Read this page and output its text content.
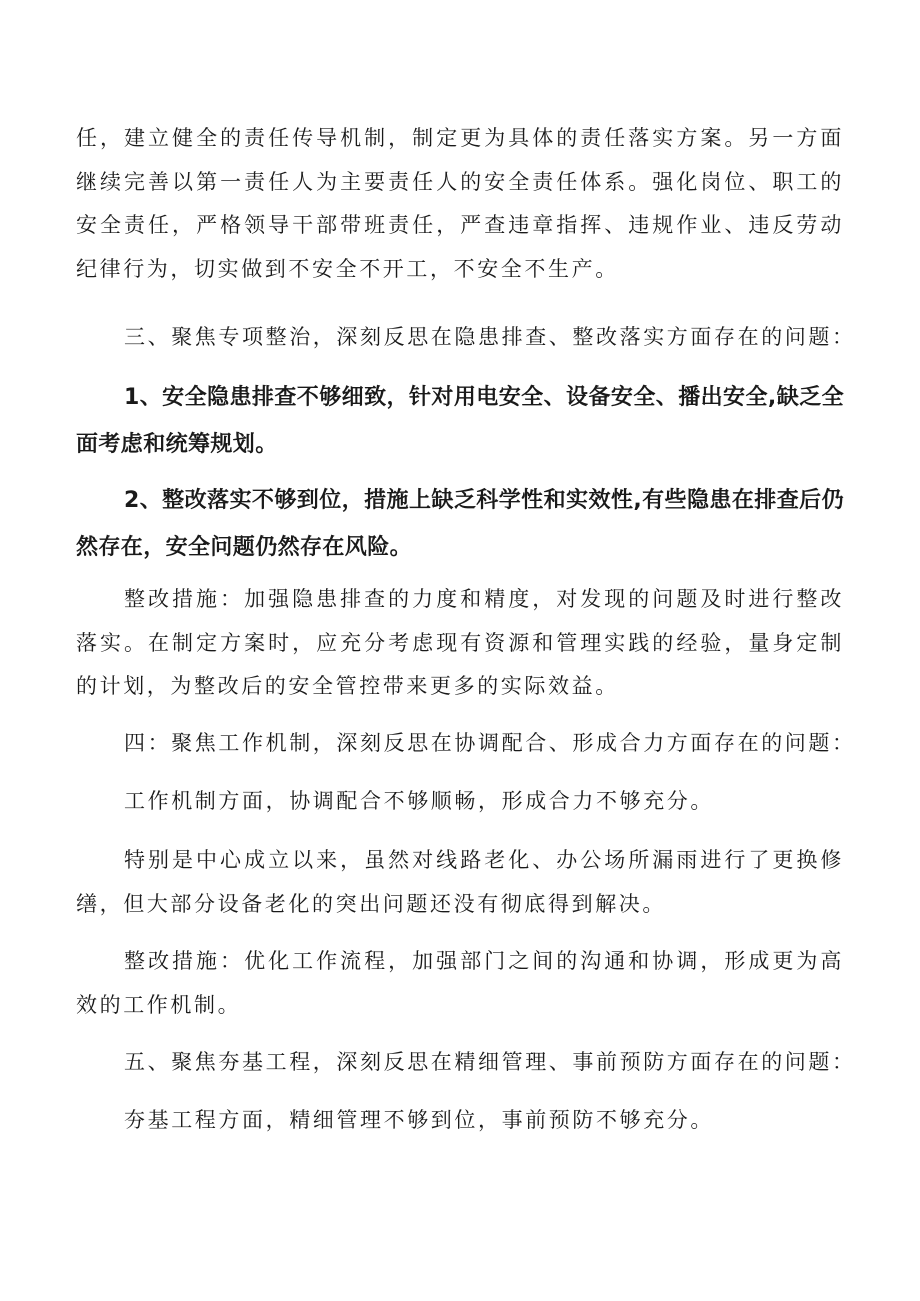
任，建立健全的责任传导机制，制定更为具体的责任落实方案。另一方面继续完善以第一责任人为主要责任人的安全责任体系。强化岗位、职工的安全责任，严格领导干部带班责任，严查违章指挥、违规作业、违反劳动纪律行为，切实做到不安全不开工，不安全不生产。

三、聚焦专项整治，深刻反思在隐患排查、整改落实方面存在的问题：

1、安全隐患排查不够细致，针对用电安全、设备安全、播出安全,缺乏全面考虑和统筹规划。

2、整改落实不够到位，措施上缺乏科学性和实效性,有些隐患在排查后仍然存在，安全问题仍然存在风险。

整改措施：加强隐患排查的力度和精度，对发现的问题及时进行整改落实。在制定方案时，应充分考虑现有资源和管理实践的经验，量身定制的计划，为整改后的安全管控带来更多的实际效益。

四：聚焦工作机制，深刻反思在协调配合、形成合力方面存在的问题：

工作机制方面，协调配合不够顺畅，形成合力不够充分。

特别是中心成立以来，虽然对线路老化、办公场所漏雨进行了更换修缮，但大部分设备老化的突出问题还没有彻底得到解决。

整改措施：优化工作流程，加强部门之间的沟通和协调，形成更为高效的工作机制。

五、聚焦夯基工程，深刻反思在精细管理、事前预防方面存在的问题：

夯基工程方面，精细管理不够到位，事前预防不够充分。
